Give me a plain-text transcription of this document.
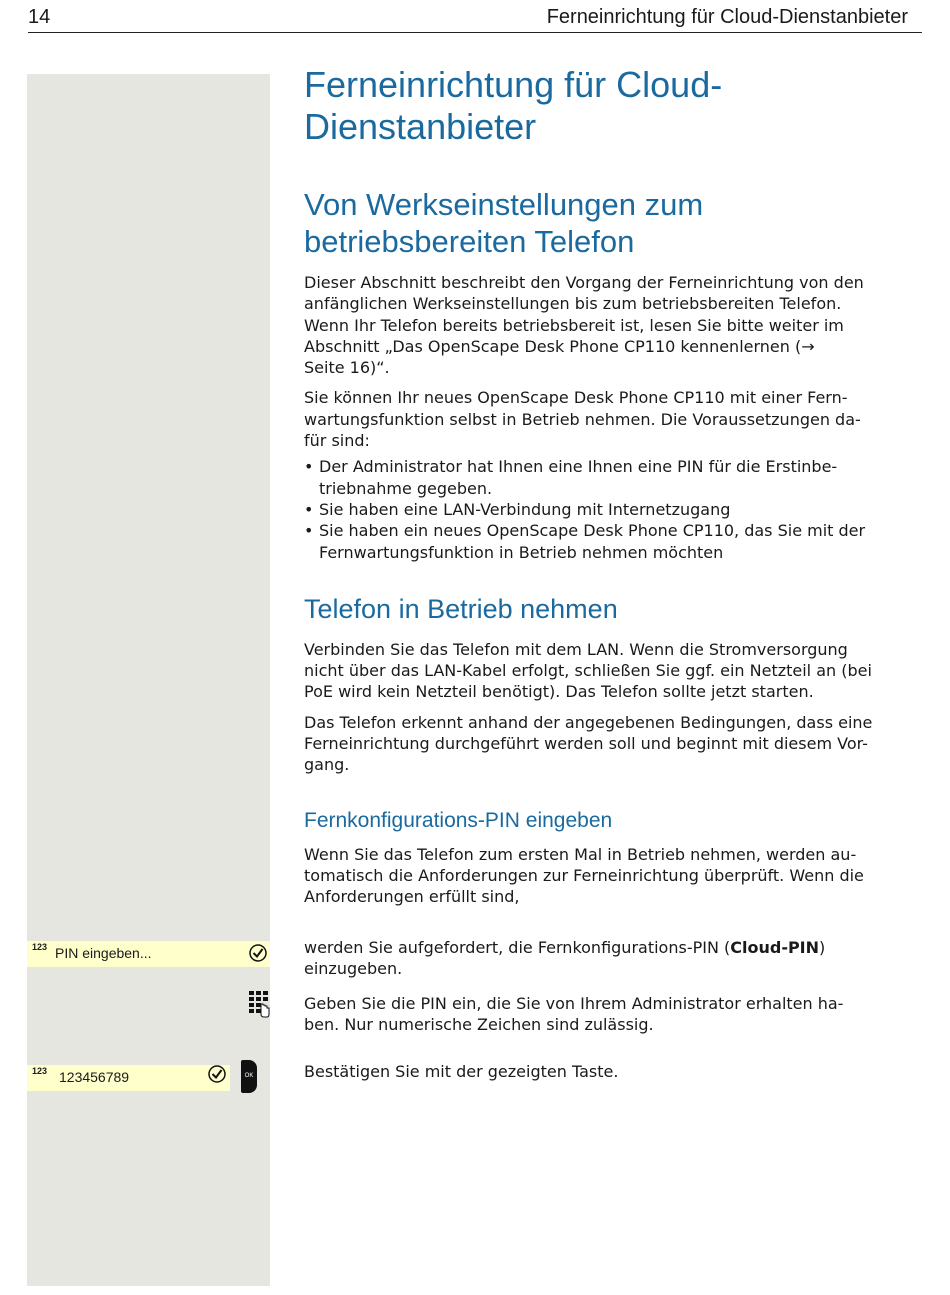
14	Ferneinrichtung für Cloud-Dienstanbieter
Ferneinrichtung für Cloud-
Dienstanbieter
Von Werkseinstellungen zum
betriebsbereiten Telefon

Dieser Abschnitt beschreibt den Vorgang der Ferneinrichtung von den
anfänglichen Werkseinstellungen bis zum betriebsbereiten Telefon.
Wenn Ihr Telefon bereits betriebsbereit ist, lesen Sie bitte weiter im
Abschnitt „Das OpenScape Desk Phone CP110 kennenlernen (→
Seite 16)“.

Sie können Ihr neues OpenScape Desk Phone CP110 mit einer Fern-
wartungsfunktion selbst in Betrieb nehmen. Die Voraussetzungen da-
für sind:

• Der Administrator hat Ihnen eine Ihnen eine PIN für die Erstinbe-
triebnahme gegeben.
• Sie haben eine LAN-Verbindung mit Internetzugang
• Sie haben ein neues OpenScape Desk Phone CP110, das Sie mit der
Fernwartungsfunktion in Betrieb nehmen möchten
Telefon in Betrieb nehmen

Verbinden Sie das Telefon mit dem LAN. Wenn die Stromversorgung
nicht über das LAN-Kabel erfolgt, schließen Sie ggf. ein Netzteil an (bei
PoE wird kein Netzteil benötigt). Das Telefon sollte jetzt starten.

Das Telefon erkennt anhand der angegebenen Bedingungen, dass eine
Ferneinrichtung durchgeführt werden soll und beginnt mit diesem Vor-
gang.

Fernkonfigurations-PIN eingeben

Wenn Sie das Telefon zum ersten Mal in Betrieb nehmen, werden au-
tomatisch die Anforderungen zur Ferneinrichtung überprüft. Wenn die
Anforderungen erfüllt sind,

werden Sie aufgefordert, die Fernkonfigurations-PIN (Cloud-PIN)
einzugeben.

Geben Sie die PIN ein, die Sie von Ihrem Administrator erhalten ha-
ben. Nur numerische Zeichen sind zulässig.

Bestätigen Sie mit der gezeigten Taste.

123 PIN eingeben...
123 123456789	OK
